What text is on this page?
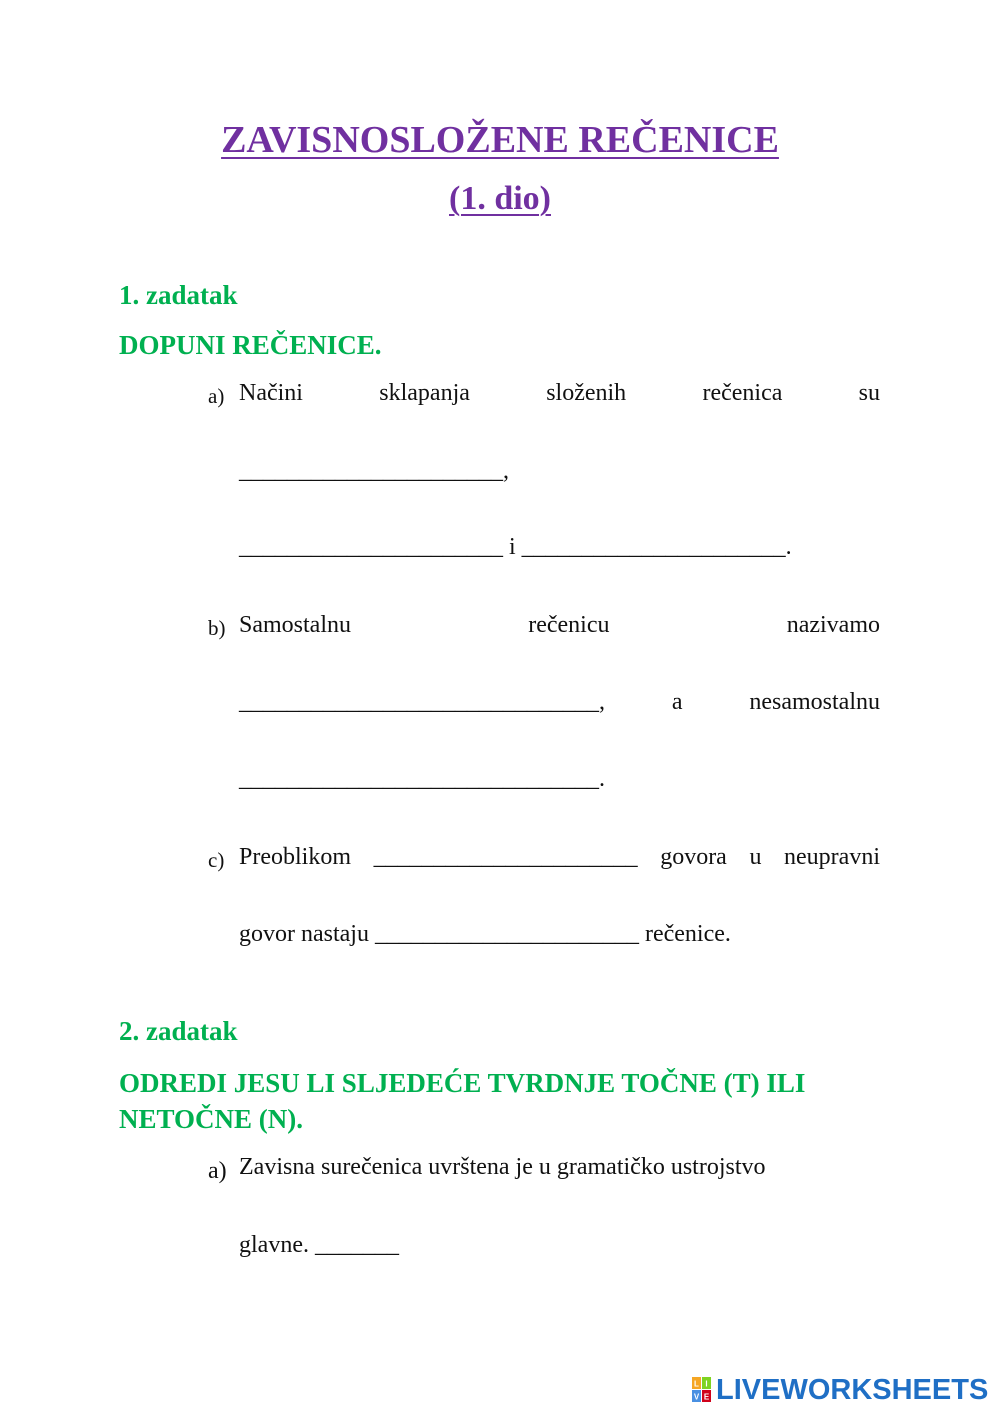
ZAVISNOSLOŽENE REČENICE
(1. dio)
1. zadatak
DOPUNI REČENICE.
a) Načini	sklapanja	složenih	rečenica	su
______________________,
______________________ i ______________________.
b) Samostalnu	rečenicu	nazivamo
______________________________,	a	nesamostalnu
______________________________.
c) Preoblikom ______________________ govora u neupravni
govor nastaju ______________________ rečenice.
2. zadatak
ODREDI JESU LI SLJEDEĆE TVRDNJE TOČNE (T) ILI NETOČNE (N).
a) Zavisna surečenica uvrštena je u gramatičko ustrojstvo
glavne. _______
L I
V E LIVEWORKSHEETS
